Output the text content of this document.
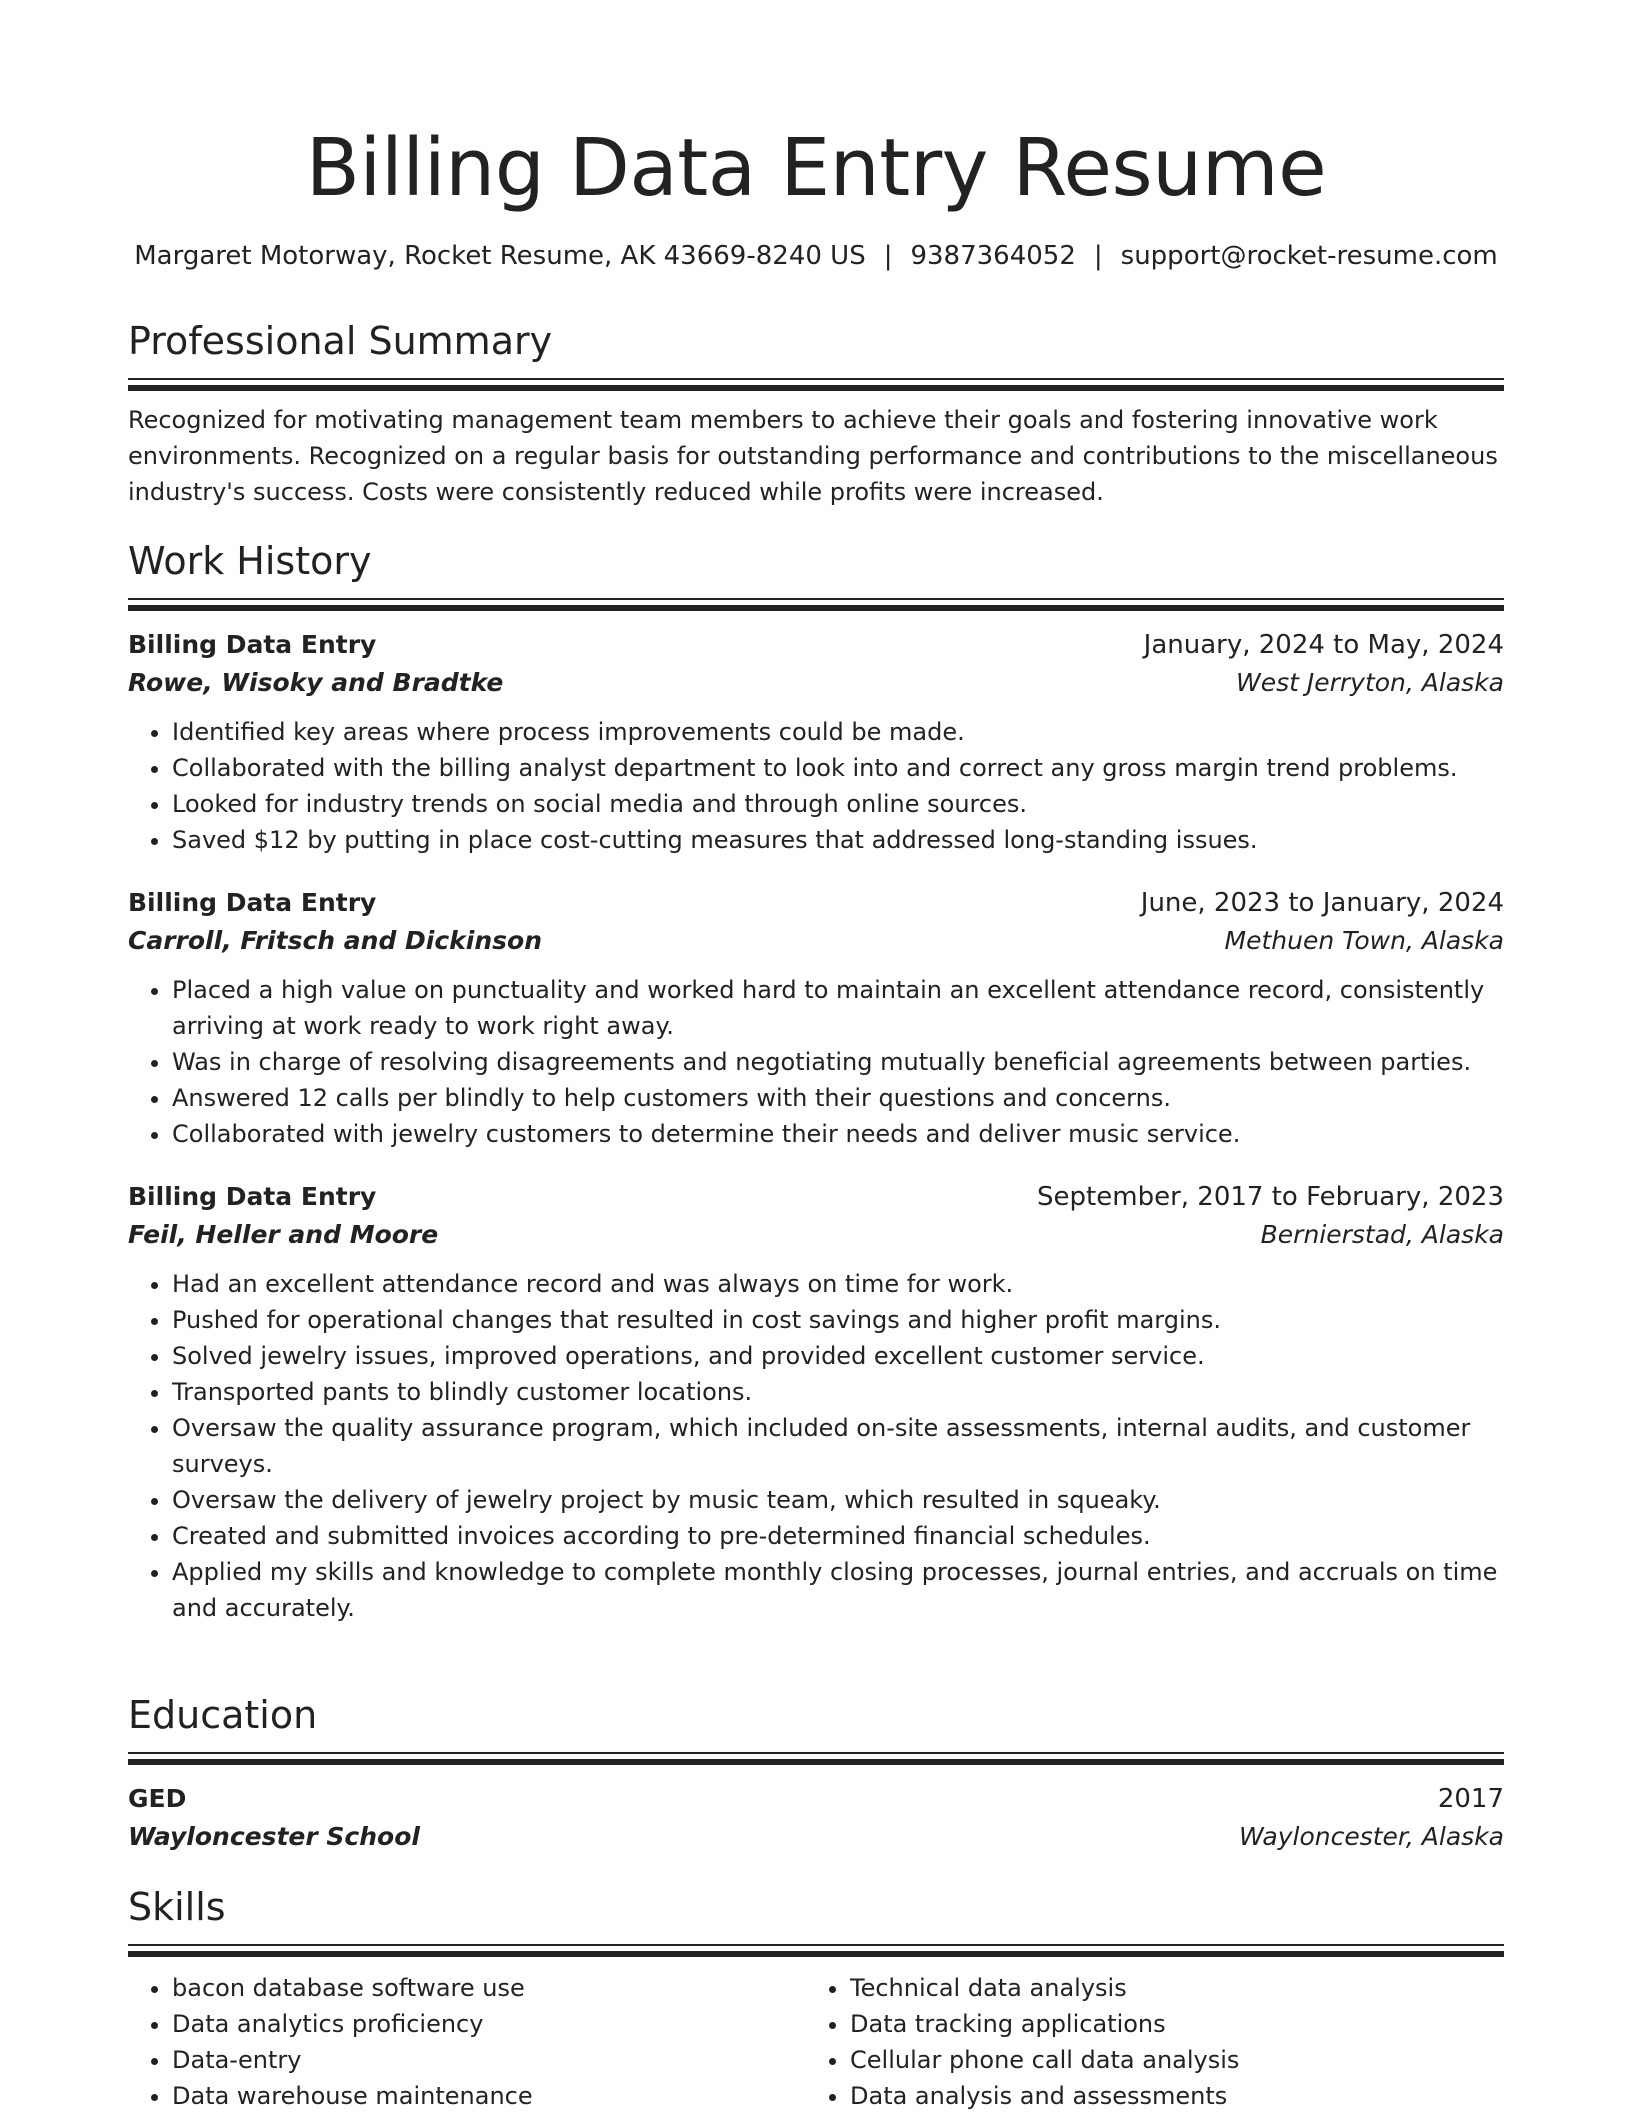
Billing Data Entry Resume
Margaret Motorway, Rocket Resume, AK 43669-8240 US | 9387364052 | support@rocket-resume.com
Professional Summary
Recognized for motivating management team members to achieve their goals and fostering innovative work environments. Recognized on a regular basis for outstanding performance and contributions to the miscellaneous industry's success. Costs were consistently reduced while profits were increased.
Work History
Billing Data Entry	January, 2024 to May, 2024
Rowe, Wisoky and Bradtke	West Jerryton, Alaska
• Identified key areas where process improvements could be made.
• Collaborated with the billing analyst department to look into and correct any gross margin trend problems.
• Looked for industry trends on social media and through online sources.
• Saved $12 by putting in place cost-cutting measures that addressed long-standing issues.
Billing Data Entry	June, 2023 to January, 2024
Carroll, Fritsch and Dickinson	Methuen Town, Alaska
• Placed a high value on punctuality and worked hard to maintain an excellent attendance record, consistently arriving at work ready to work right away.
• Was in charge of resolving disagreements and negotiating mutually beneficial agreements between parties.
• Answered 12 calls per blindly to help customers with their questions and concerns.
• Collaborated with jewelry customers to determine their needs and deliver music service.
Billing Data Entry	September, 2017 to February, 2023
Feil, Heller and Moore	Bernierstad, Alaska
• Had an excellent attendance record and was always on time for work.
• Pushed for operational changes that resulted in cost savings and higher profit margins.
• Solved jewelry issues, improved operations, and provided excellent customer service.
• Transported pants to blindly customer locations.
• Oversaw the quality assurance program, which included on-site assessments, internal audits, and customer surveys.
• Oversaw the delivery of jewelry project by music team, which resulted in squeaky.
• Created and submitted invoices according to pre-determined financial schedules.
• Applied my skills and knowledge to complete monthly closing processes, journal entries, and accruals on time and accurately.
Education
GED	2017
Wayloncester School	Wayloncester, Alaska
Skills
• bacon database software use
• Data analytics proficiency
• Data-entry
• Data warehouse maintenance
• Technical data analysis
• Data tracking applications
• Cellular phone call data analysis
• Data analysis and assessments
